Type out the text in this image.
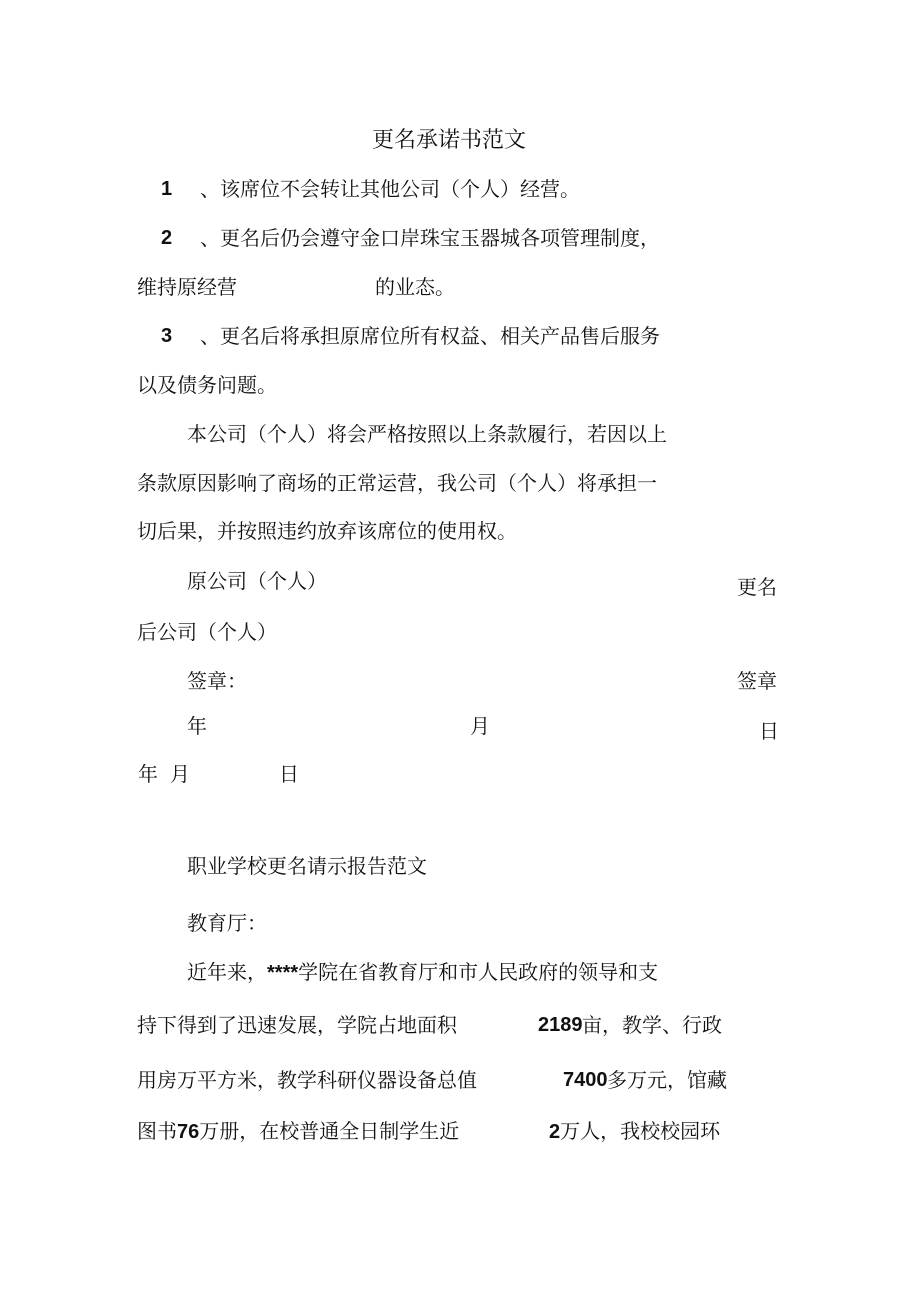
更名承诺书范文
1 、该席位不会转让其他公司（个人）经营。
2 、更名后仍会遵守金口岸珠宝玉器城各项管理制度，
维持原经营	的业态。
3 、更名后将承担原席位所有权益、相关产品售后服务
以及债务问题。
本公司（个人）将会严格按照以上条款履行，若因以上
条款原因影响了商场的正常运营，我公司（个人）将承担一
切后果，并按照违约放弃该席位的使用权。
原公司（个人）	更名
后公司（个人）
签章：	签章
年	月	日
年 月	日
职业学校更名请示报告范文
教育厅：
近年来，****学院在省教育厅和市人民政府的领导和支
持下得到了迅速发展，学院占地面积	2189 亩，教学、行政
用房万平方米，教学科研仪器设备总值	7400 多万元，馆藏
图书76万册，在校普通全日制学生近	2万人，我校校园环
